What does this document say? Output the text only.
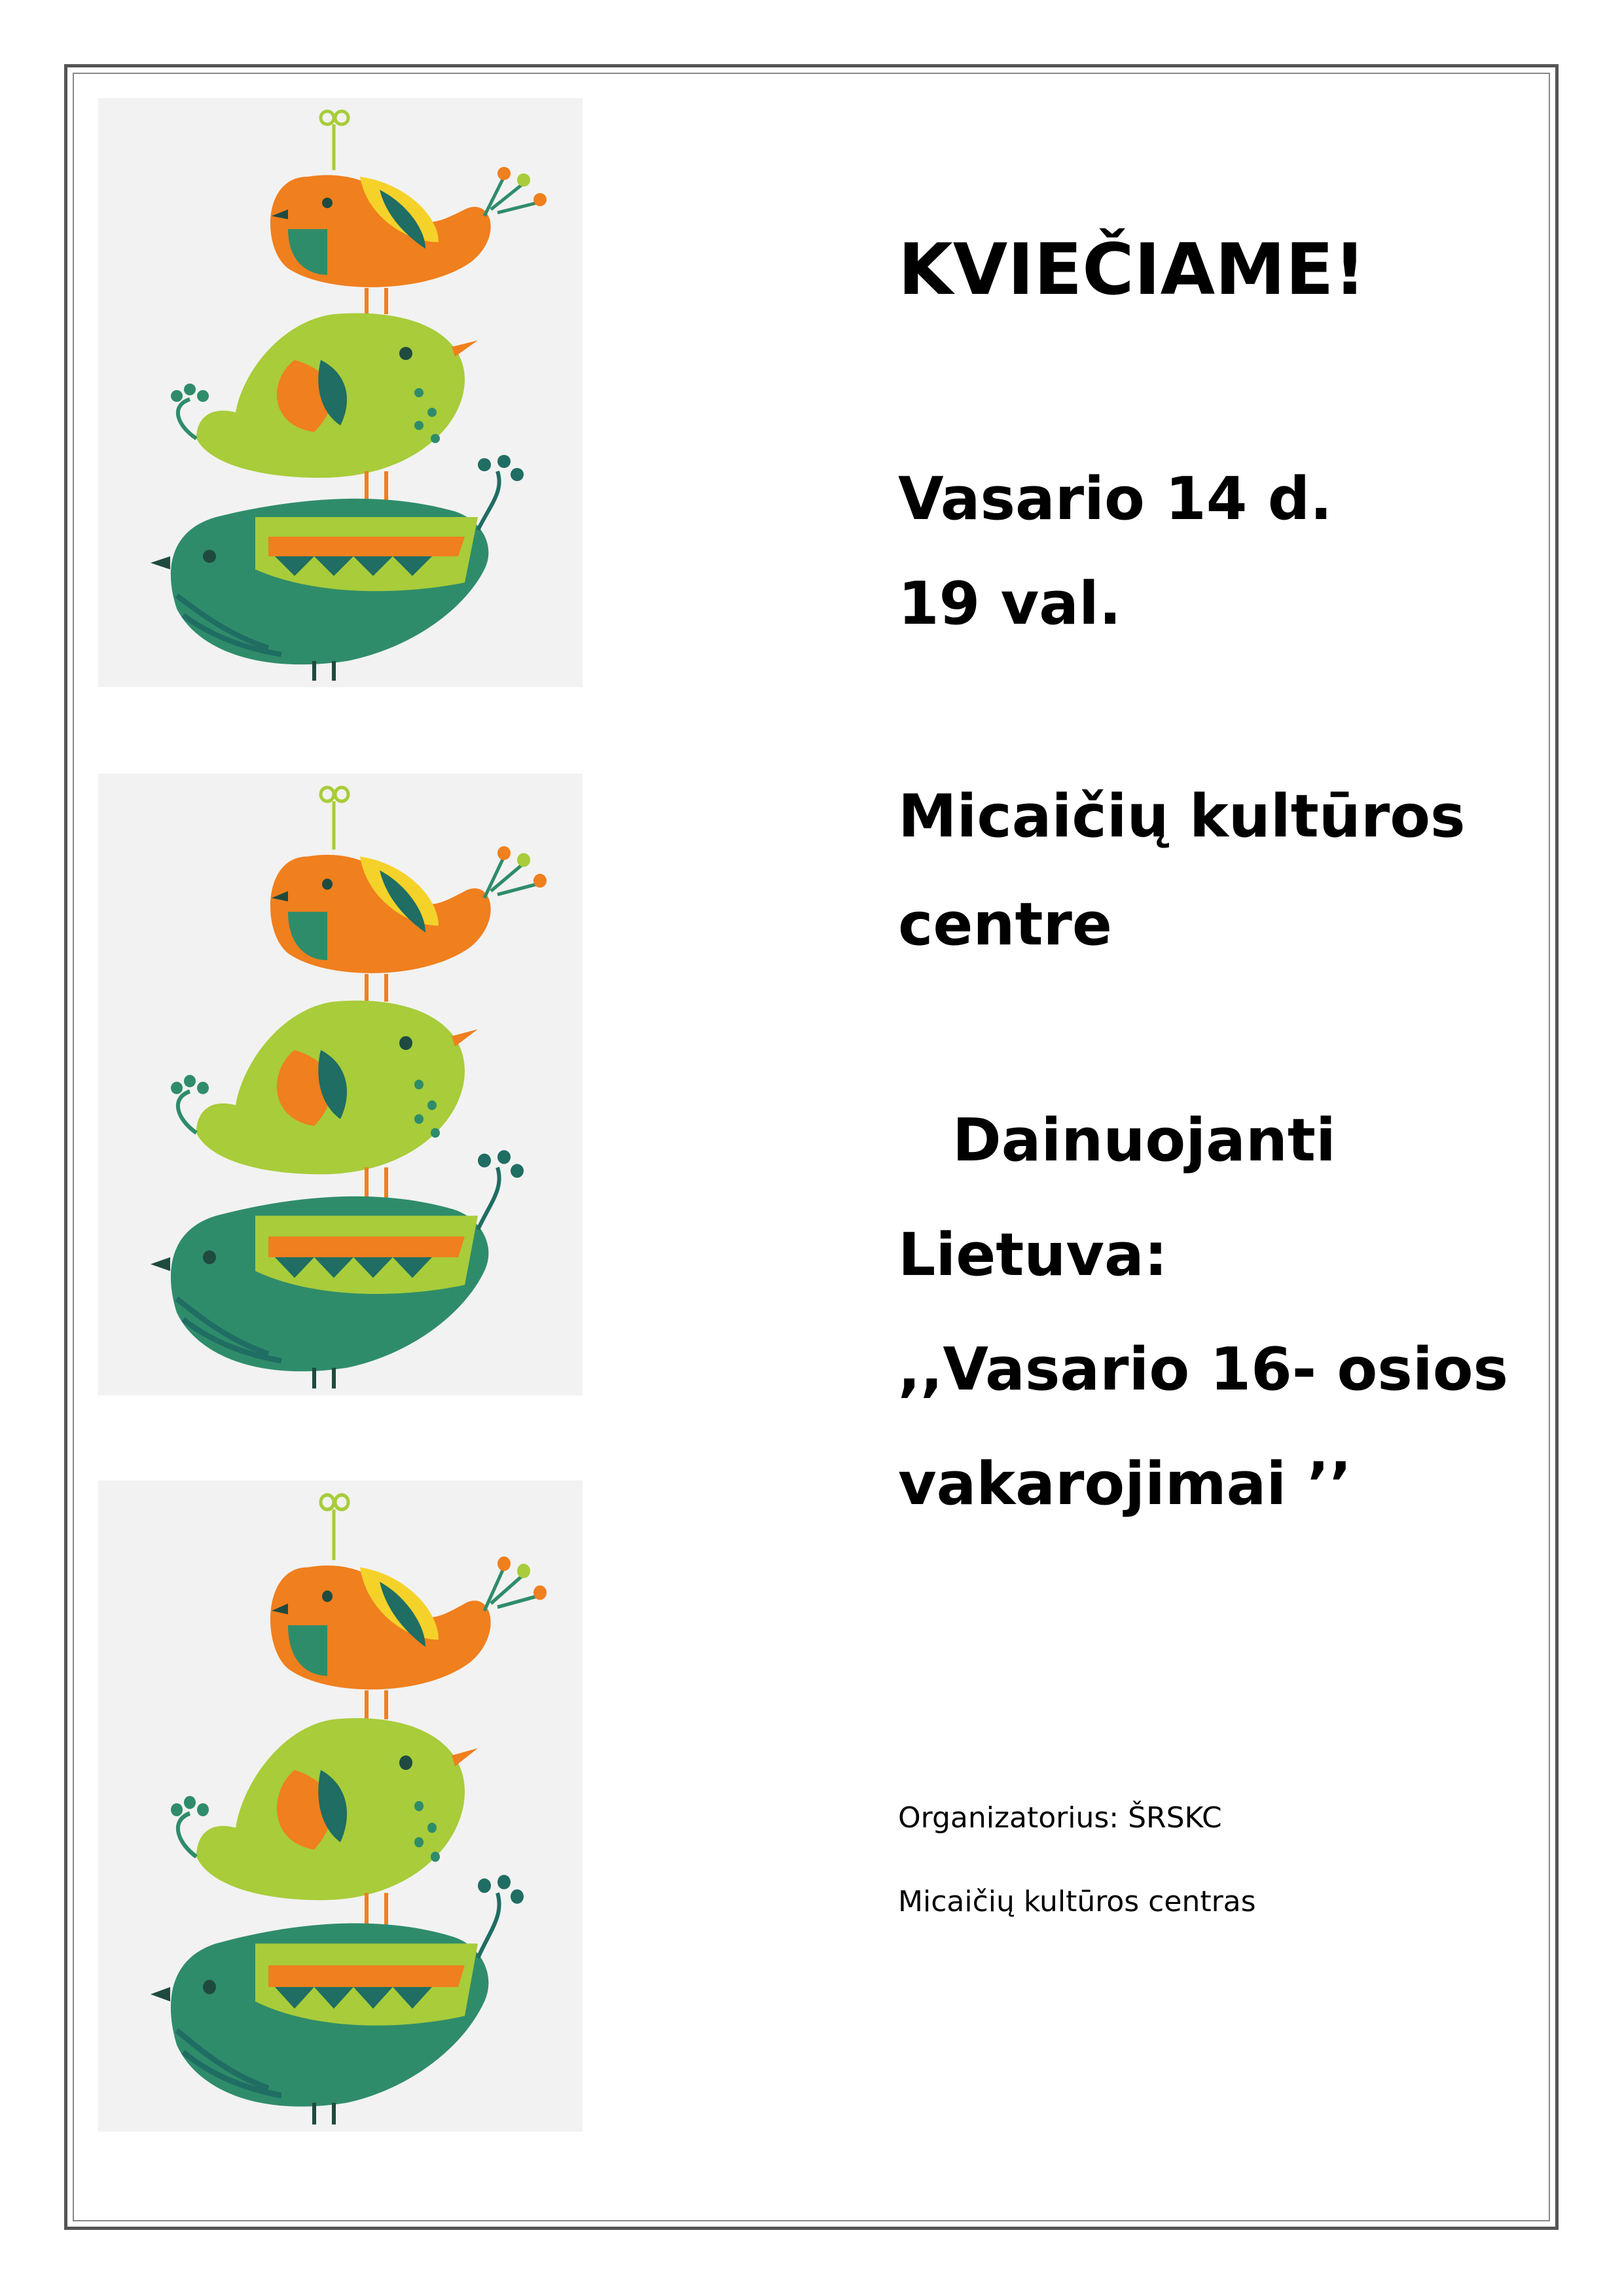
KVIEČIAME!
Vasario 14 d.
19 val.
Micaičių kultūros
centre
Dainuojanti
Lietuva:
,,Vasario 16- osios
vakarojimai ’’
Organizatorius: ŠRSKC
Micaičių kultūros centras
